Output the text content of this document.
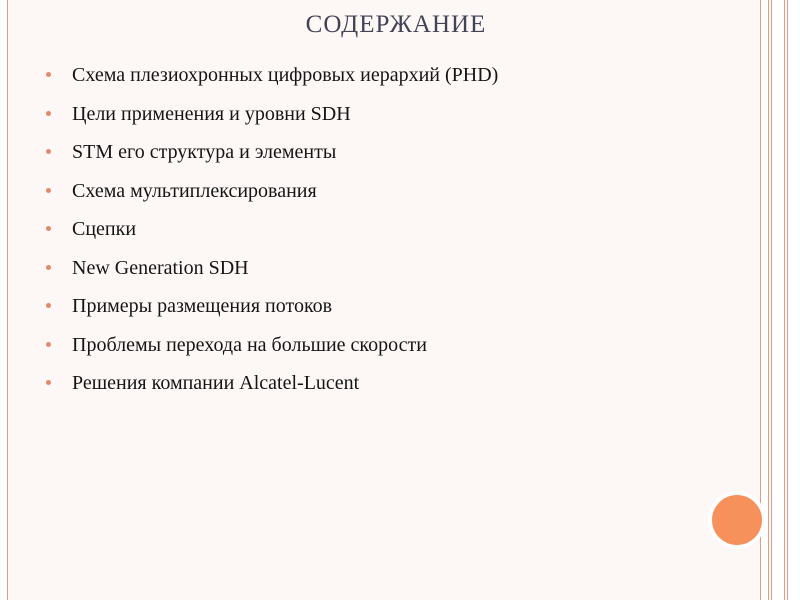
СОДЕРЖАНИЕ
Схема плезиохронных цифровых иерархий (PHD)
Цели применения и уровни SDH
STM его структура и элементы
Схема мультиплексирования
Сцепки
New Generation SDH
Примеры размещения потоков
Проблемы перехода на большие скорости
Решения компании Alcatel-Lucent
